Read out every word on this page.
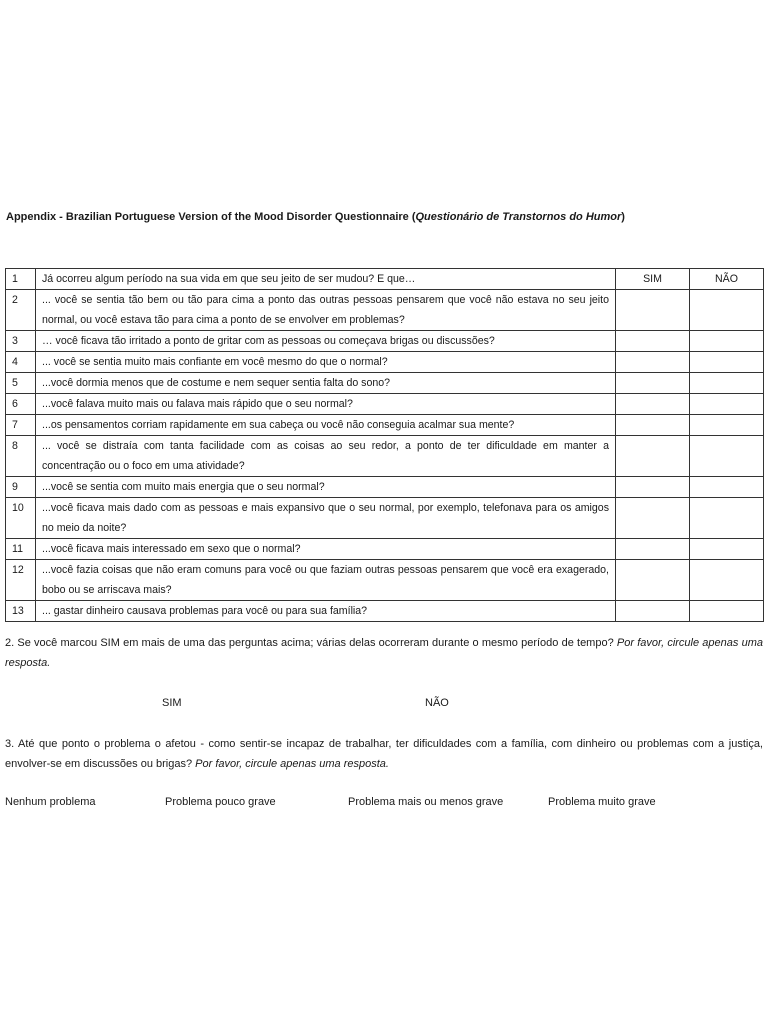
Appendix - Brazilian Portuguese Version of the Mood Disorder Questionnaire (Questionário de Transtornos do Humor)
1	Já ocorreu algum período na sua vida em que seu jeito de ser mudou? E que…	SIM	NÃO
2	... você se sentia tão bem ou tão para cima a ponto das outras pessoas pensarem que você não estava no seu jeito normal, ou você estava tão para cima a ponto de se envolver em problemas?		
3	… você ficava tão irritado a ponto de gritar com as pessoas ou começava brigas ou discussões?		
4	... você se sentia muito mais confiante em você mesmo do que o normal?		
5	...você dormia menos que de costume e nem sequer sentia falta do sono?		
6	...você falava muito mais ou falava mais rápido que o seu normal?		
7	...os pensamentos corriam rapidamente em sua cabeça ou você não conseguia acalmar sua mente?		
8	... você se distraía com tanta facilidade com as coisas ao seu redor, a ponto de ter dificuldade em manter a concentração ou o foco em uma atividade?		
9	...você se sentia com muito mais energia que o seu normal?		
10	...você ficava mais dado com as pessoas e mais expansivo que o seu normal, por exemplo, telefonava para os amigos no meio da noite?		
11	...você ficava mais interessado em sexo que o normal?		
12	...você fazia coisas que não eram comuns para você ou que faziam outras pessoas pensarem que você era exagerado, bobo ou se arriscava mais?		
13	... gastar dinheiro causava problemas para você ou para sua família?		
2. Se você marcou SIM em mais de uma das perguntas acima; várias delas ocorreram durante o mesmo período de tempo? Por favor, circule apenas uma resposta.
SIM	NÃO
3. Até que ponto o problema o afetou - como sentir-se incapaz de trabalhar, ter dificuldades com a família, com dinheiro ou problemas com a justiça, envolver-se em discussões ou brigas? Por favor, circule apenas uma resposta.
Nenhum problema	Problema pouco grave	Problema mais ou menos grave	Problema muito grave
